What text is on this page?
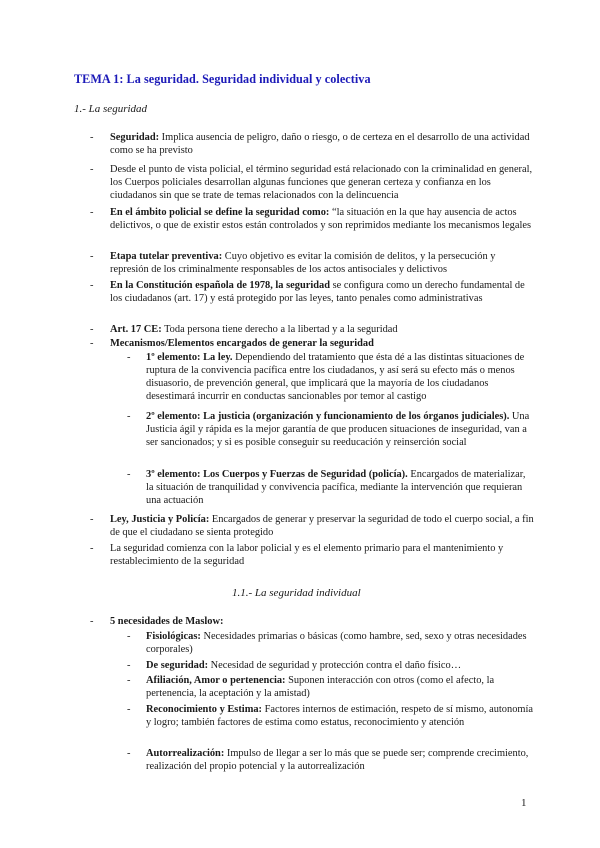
TEMA 1: La seguridad. Seguridad individual y colectiva
1.- La seguridad
1.1.- La seguridad individual
- Seguridad: Implica ausencia de peligro, daño o riesgo, o de certeza en el desarrollo de una actividad como se ha previsto
- Desde el punto de vista policial, el término seguridad está relacionado con la criminalidad en general, los Cuerpos policiales desarrollan algunas funciones que generan certeza y confianza en los ciudadanos sin que se trate de temas relacionados con la delincuencia
- En el ámbito policial se define la seguridad como: “la situación en la que hay ausencia de actos delictivos, o que de existir estos están controlados y son reprimidos mediante los mecanismos legales
- Etapa tutelar preventiva: Cuyo objetivo es evitar la comisión de delitos, y la persecución y represión de los criminalmente responsables de los actos antisociales y delictivos
- En la Constitución española de 1978, la seguridad se configura como un derecho fundamental de los ciudadanos (art. 17) y está protegido por las leyes, tanto penales como administrativas
- Art. 17 CE: Toda persona tiene derecho a la libertad y a la seguridad
- Mecanismos/Elementos encargados de generar la seguridad
- 1º elemento: La ley. Dependiendo del tratamiento que ésta dé a las distintas situaciones de ruptura de la convivencia pacífica entre los ciudadanos, y así será su efecto más o menos disuasorio, de prevención general, que implicará que la mayoría de los ciudadanos desestimará incurrir en conductas sancionables por temor al castigo
- 2º elemento: La justicia (organización y funcionamiento de los órganos judiciales). Una Justicia ágil y rápida es la mejor garantía de que producen situaciones de inseguridad, van a ser sancionados; y si es posible conseguir su reeducación y reinserción social
- 3º elemento: Los Cuerpos y Fuerzas de Seguridad (policía). Encargados de materializar, la situación de tranquilidad y convivencia pacífica, mediante la intervención que requieran una actuación
- Ley, Justicia y Policía: Encargados de generar y preservar la seguridad de todo el cuerpo social, a fin de que el ciudadano se sienta protegido
- La seguridad comienza con la labor policial y es el elemento primario para el mantenimiento y restablecimiento de la seguridad
- 5 necesidades de Maslow:
- Fisiológicas: Necesidades primarias o básicas (como hambre, sed, sexo y otras necesidades corporales)
- De seguridad: Necesidad de seguridad y protección contra el daño físico…
- Afiliación, Amor o pertenencia: Suponen interacción con otros (como el afecto, la pertenencia, la aceptación y la amistad)
- Reconocimiento y Estima: Factores internos de estimación, respeto de sí mismo, autonomía y logro; también factores de estima como estatus, reconocimiento y atención
- Autorrealización: Impulso de llegar a ser lo más que se puede ser; comprende crecimiento, realización del propio potencial y la autorrealización
1
